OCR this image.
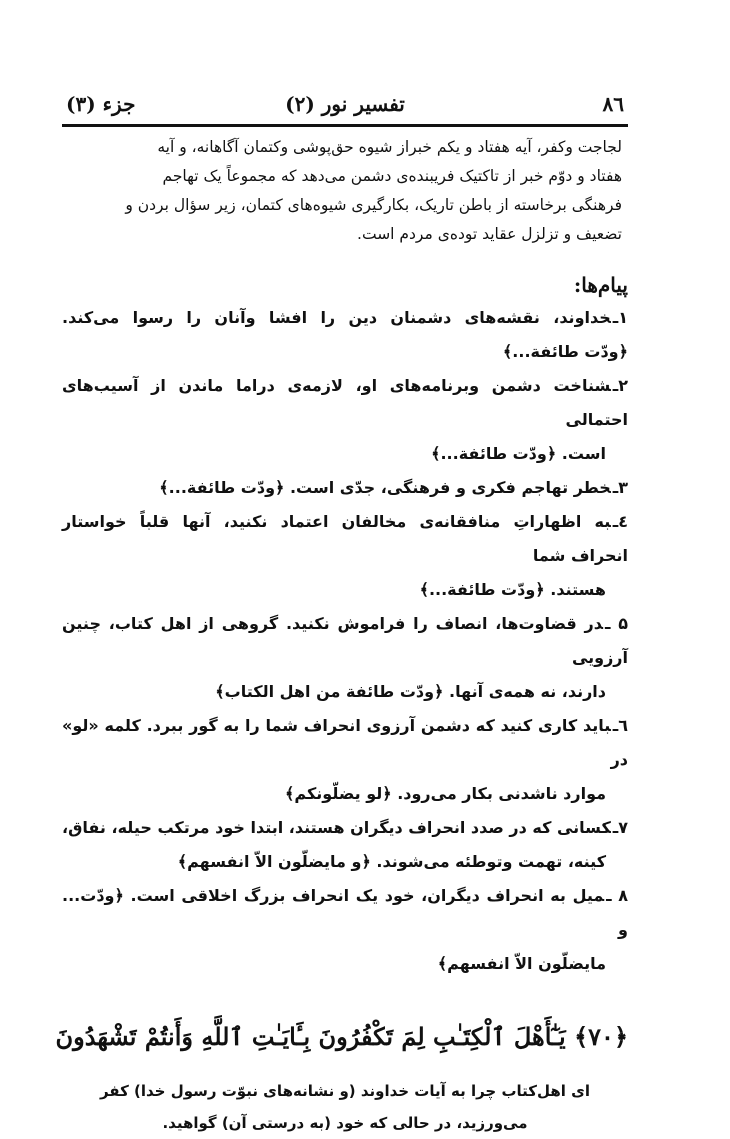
۸٦
تفسیر نور (۲)
جزء (۳)

لجاجت وکفر، آیه هفتاد و یکم خبراز شیوه حق‌پوشی وکتمان آگاهانه، و آیه

هفتاد و دوّم خبر از تاکتیک فریبنده‌ی دشمن می‌دهد که مجموعاً یک تهاجم

فرهنگی برخاسته از باطن تاریک، بکارگیری شیوه‌های کتمان، زیر سؤال بردن و

تضعیف و تزلزل عقاید توده‌ی مردم است.

پیام‌ها:

۱ـخداوند، نقشه‌های دشمنان دین را افشا وآنان را رسوا می‌کند. ﴿ودّت طائفة...﴾

۲ـشناخت دشمن وبرنامه‌های او، لازمه‌ی دراما ماندن از آسیب‌های احتمالی
است. ﴿ودّت طائفة...﴾

۳ـخطر تهاجم فکری و فرهنگی، جدّی است. ﴿ودّت طائفة...﴾

٤ـبه اظهاراتِ منافقانه‌ی مخالفان اعتماد نکنید، آنها قلباً خواستار انحراف شما
هستند. ﴿ودّت طائفة...﴾

۵ ـدر قضاوت‌ها، انصاف را فراموش نکنید. گروهی از اهل کتاب، چنین آرزویی
دارند، نه همه‌ی آنها. ﴿ودّت طائفة من اهل الکتاب﴾

٦ـباید کاری کنید که دشمن آرزوی انحراف شما را به گور ببرد. کلمه «لو» در
موارد ناشدنی بکار می‌رود. ﴿لو یضلّونکم﴾

۷ـکسانی که در صدد انحراف دیگران هستند، ابتدا خود مرتکب حیله، نفاق،
کینه، تهمت وتوطئه می‌شوند. ﴿و مایضلّون الاّ انفسهم﴾

۸ ـمیل به انحراف دیگران، خود یک انحراف بزرگ اخلاقی است. ﴿ودّت... و
مایضلّون الاّ انفسهم﴾

﴿۷۰﴾ یَـٰٓأَهْلَ ٱلْكِتَـٰبِ لِمَ تَكْفُرُونَ بِـَٔايَـٰتِ ٱللَّهِ وَأَنتُمْ تَشْهَدُونَ
ای اهل‌کتاب چرا به آیات خداوند (و نشانه‌های نبوّت رسول خدا) کفر
می‌ورزید، در حالی که خود (به درستی آن) گواهید.
